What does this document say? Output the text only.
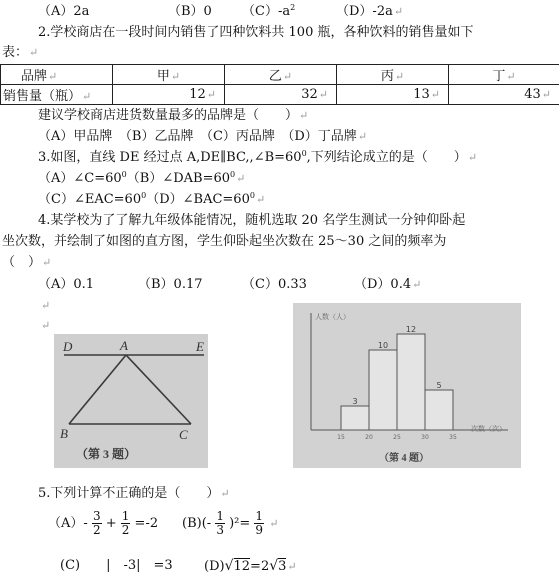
（A）2a	（B）0 $(C)-a^2$	（D）-2a↵
2.学校商店在一段时间内销售了四种饮料共 100 瓶，各种饮料的销售量如下
表：↵
品牌↵	甲↵	乙↵	丙↵	丁↵
销售量（瓶）↵	12↵	32↵	13↵	43↵
建议学校商店进货数量最多的品牌是（　　）↵
（A）甲品牌　（B）乙品牌　（C）丙品牌　（D）丁品牌↵
3.如图，直线 DE 经过点 $A,DE\parallel BC,,\angle B=60^0$,下列结论成立的是（　　）↵
$(A)\angle C=60^0(B)\angle DAB=60^0↵$
$(C)\angle EAC=60^0(D)\angle BAC=60^0↵$
4.某学校为了了解九年级体能情况，随机选取 20 名学生测试一分钟仰卧起
坐次数，并绘制了如图的直方图，学生仰卧起坐次数在 25～30 之间的频率为
（　）↵
（A）0.1	（B）0.17	（C）0.33	（D）0.4↵
↵
↵
D	A	E
B	C
（第 3 题）
人数（人）
次数（次）
（第 4 题）
3
10
12
5
15	20	25	30	35
5.下列计算不正确的是（　　）↵
$(A)- \frac{3}{2} + \frac{1}{2} =-2$ $(B)(- \frac{1}{3} )^2= \frac{1}{9}$ ↵
(C)　　|　-3|　=3 (D)√12=2√3↵
